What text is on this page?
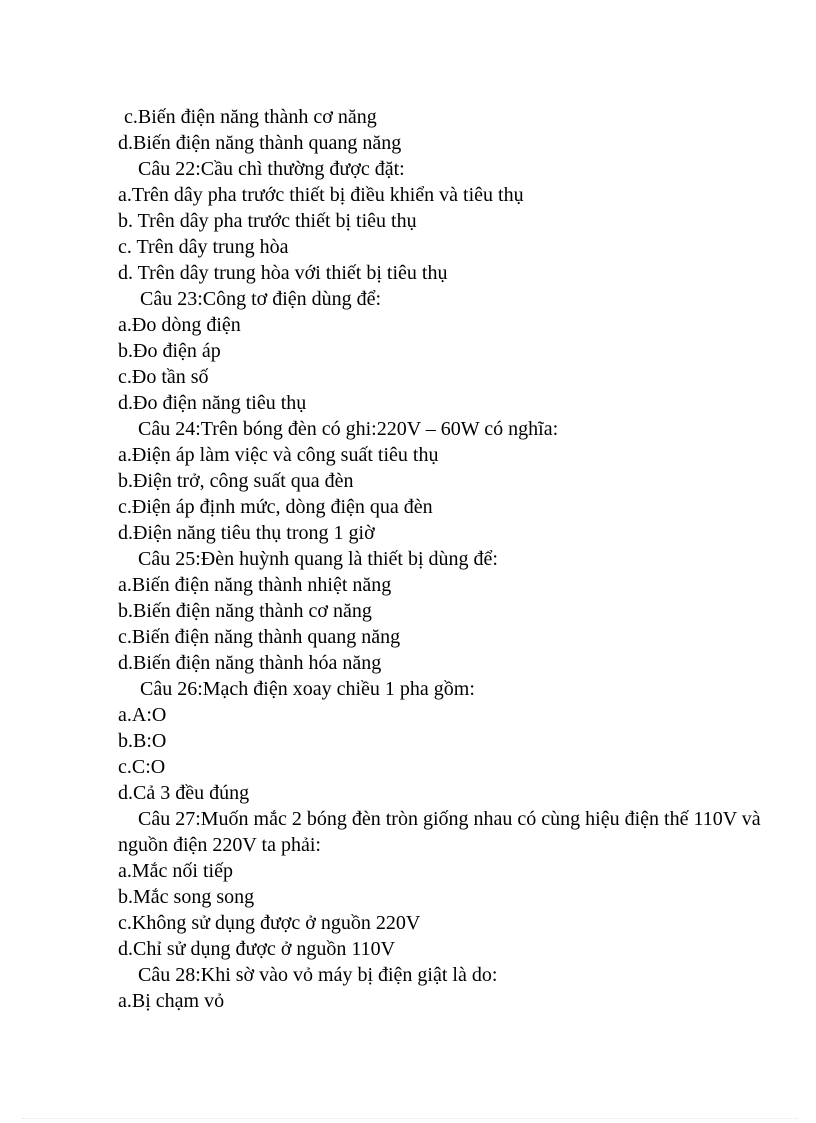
c.Biến điện năng thành cơ năng
d.Biến điện năng thành quang năng
Câu 22:Cầu chì thường được đặt:
a.Trên dây pha trước thiết bị điều khiển và tiêu thụ
b. Trên dây pha trước thiết bị tiêu thụ
c. Trên dây trung hòa
d. Trên dây trung hòa với thiết bị tiêu thụ
Câu 23:Công tơ điện dùng để:
a.Đo dòng điện
b.Đo điện áp
c.Đo tần số
d.Đo điện năng tiêu thụ
Câu 24:Trên bóng đèn có ghi:220V – 60W có nghĩa:
a.Điện áp làm việc và công suất tiêu thụ
b.Điện trở, công suất qua đèn
c.Điện áp định mức, dòng điện qua đèn
d.Điện năng tiêu thụ trong 1 giờ
Câu 25:Đèn huỳnh quang là thiết bị dùng để:
a.Biến điện năng thành nhiệt năng
b.Biến điện năng thành cơ năng
c.Biến điện năng thành quang năng
d.Biến điện năng thành hóa năng
Câu 26:Mạch điện xoay chiều 1 pha gồm:
a.A:O
b.B:O
c.C:O
d.Cả 3 đều đúng
Câu 27:Muốn mắc 2 bóng đèn tròn giống nhau có cùng hiệu điện thế 110V và
nguồn điện 220V ta phải:
a.Mắc nối tiếp
b.Mắc song song
c.Không sử dụng được ở nguồn 220V
d.Chỉ sử dụng được ở nguồn 110V
Câu 28:Khi sờ vào vỏ máy bị điện giật là do:
a.Bị chạm vỏ
